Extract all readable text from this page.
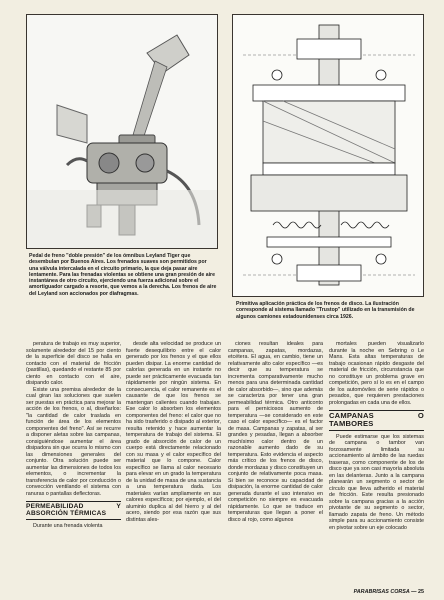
Pedal de freno "doble presión" de los ómnibus Leyland Tiger que desembulan por Buenos Aires. Los frenados suaves son permitidos por una válvula intercalada en el circuito primario, la que deja pasar aire lentamente. Para las frenadas violentas se obtiene una gran presión de aire instantánea de otro circuito, ejerciendo una fuerza adicional sobre el amortiguador cargado a resorte, que vemos a la derecha. Los frenos de aire del Leyland son accionados por diafragmas.
Primitiva aplicación práctica de los frenos de disco. La ilustración corresponde al sistema llamado "Trustop" utilizado en la transmisión de algunos camiones estadounidenses circa 1926.

peratura de trabajo es muy superior, solamente alrededor del 15 por ciento de la superficie del disco se halla en contacto con el material de fricción (pastillas), quedando el restante 85 por ciento en contacto con el aire, disipando calor.

Existe una premisa alrededor de la cual giran las soluciones que suelen ser puestas en práctica para mejorar la acción de los frenos, o al, diseñarlos: "la cantidad de calor traslada en función de área de los elementos componentes del freno". Así se recurre a disponer aletas sobre las campanas, consiguiéndose aumentar el área disipadora sin que ocurra lo mismo con las dimensiones generales del conjunto. Otra solución puede ser aumentar las dimensiones de todos los elementos, o incrementar la transferencia de calor por conducción o convección ventilando el sistema con ranuras o pantallas deflectoras.

PERMEABILIDAD Y ABSORCIÓN TÉRMICAS

Durante una frenada violenta

desde alta velocidad se produce un fuerte desequilibrio entre el calor generado por los frenos y el que ellos pueden disipar. La enorme cantidad de calorías generada en un instante no puede ser prácticamente evacuada tan rápidamente por ningún sistema. En consecuencia, el calor remanente es el causante de que los frenos se mantengan calientes cuando trabajan. Ese calor lo absorben los elementos componentes del freno: el calor que no ha sido trasferido o disipado al exterior, resulta retenido y hace aumentar la temperatura de trabajo del sistema. El grado de absorción de calor de un cuerpo está directamente relacionado con su masa y el calor específico del material que lo compone. Calor específico se llama al calor necesario para elevar en un grado la temperatura de la unidad de masa de una sustancia a una temperatura dada. Los materiales varían ampliamente en sus calores específicos; por ejemplo, el del aluminio duplica al del hierro y al del acero, siendo por esa razón que sus distintas ales-

ciones resultan ideales para campanas, zapatas, mordazas, etcétera. El agua, en cambio, tiene un relativamente alto calor específico —es decir que su temperatura se incrementa comparativamente mucho menos para una determinada cantidad de calor absorbido—, sino que además se caracteriza por tener una gran permeabilidad térmica. Otro anticonto para el perniciosos aumento de temperatura —se considerado en este caso el calor específico— es el factor de masa. Campanas y zapatas, al ser grandes y pesadas, llegan a absorber muchísimo calor dentro de un razonable aumento dado de su temperatura. Esto evidencia el aspecto más crítico de los frenos de disco, donde mordazas y disco constituyen un conjunto de relativamente poca masa. Si bien se reconoce su capacidad de disipación, la enorme cantidad de calor generada durante el uso intensivo en competición no siempre es evacuada rápidamente. Lo que se traduce en temperaturas que llegan a poner el disco al rojo, como algunos

mortales pueden visualizarlo durante la noche en Sebring o Le Mans. Esta altas temperaturas de trabajo ocasionan rápido desgaste del material de fricción, circunstancia que no constituye un problema grave en competición, pero sí lo es en el campo de los automóviles de serie rápidos o pesados, que requieren prestaciones prolongadas en cada una de ellos.

CAMPANAS O TAMBORES

Puede estimarse que los sistemas de campana o tambor van forzosamente limitada su accionamiento al ámbito de las ruedas traseras, como componente de los de disco que ya son casi mayoría absoluta en las delanteras. Junto a la campana planearán un segmento o sector de círculo que lleva adherido el material de fricción. Este resulta presionado sobre la campana gracias a la acción pivotante de su segmento o sector, llamado zapata de freno. Un método simple para su accionamiento consiste en pivotar sobre un eje colocado

PARABRISAS CORSA — 25
